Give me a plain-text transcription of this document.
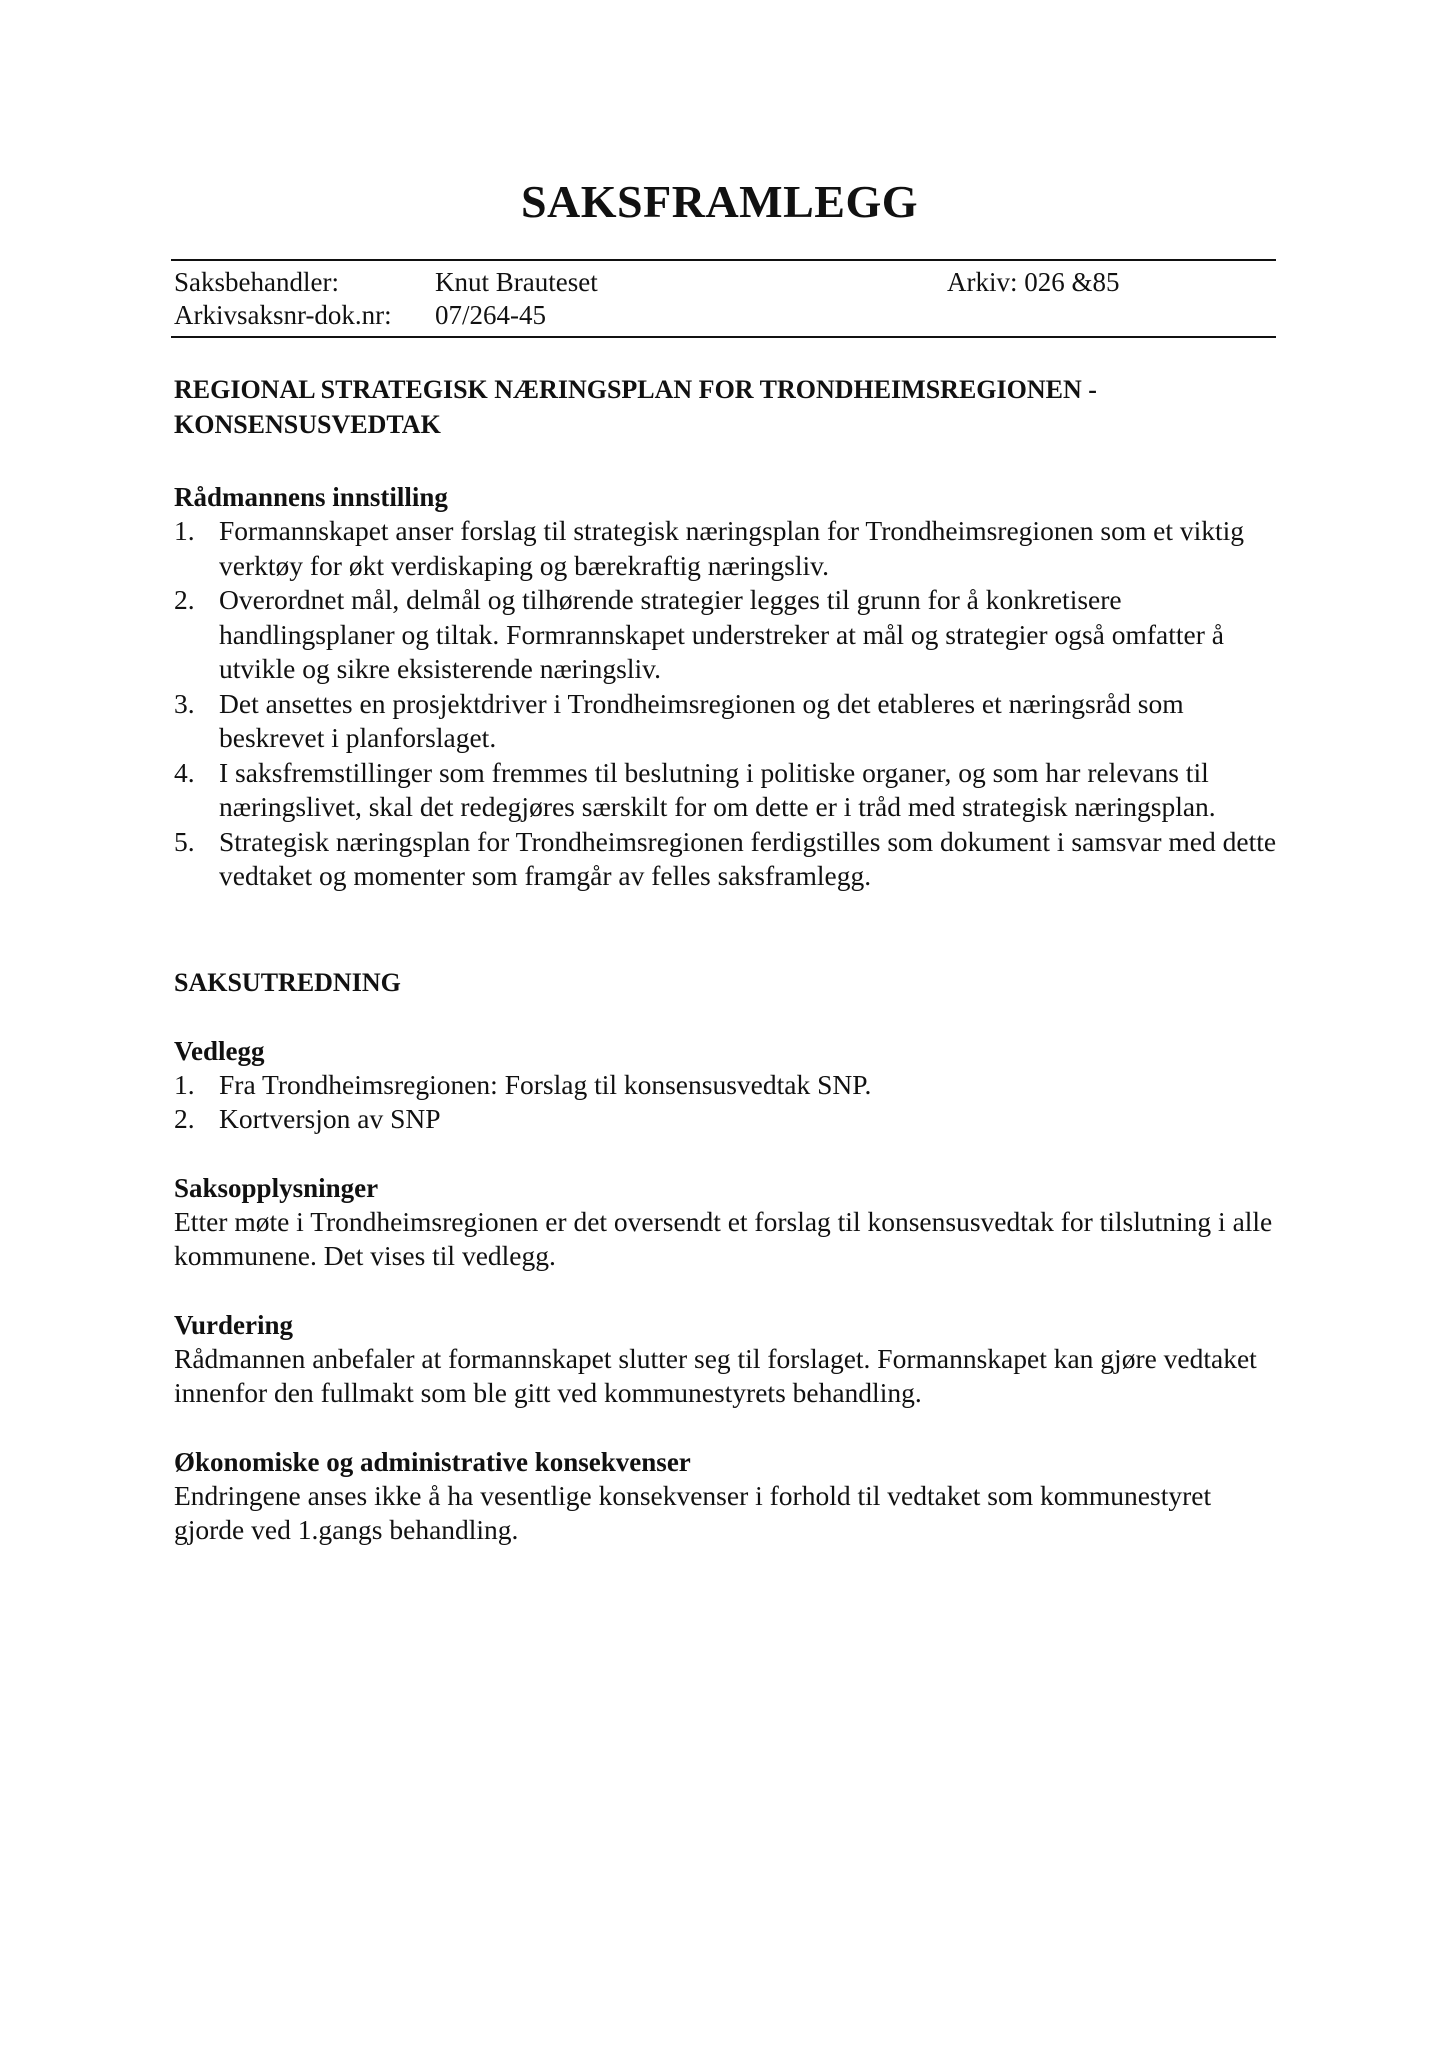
SAKSFRAMLEGG
Saksbehandler:	Knut Brauteset	Arkiv: 026 &85
Arkivsaksnr-dok.nr: 07/264-45

REGIONAL STRATEGISK NÆRINGSPLAN FOR TRONDHEIMSREGIONEN - KONSENSUSVEDTAK

Rådmannens innstilling

1. Formannskapet anser forslag til strategisk næringsplan for Trondheimsregionen som et viktig verktøy for økt verdiskaping og bærekraftig næringsliv.
2. Overordnet mål, delmål og tilhørende strategier legges til grunn for å konkretisere handlingsplaner og tiltak. Formrannskapet understreker at mål og strategier også omfatter å utvikle og sikre eksisterende næringsliv.
3. Det ansettes en prosjektdriver i Trondheimsregionen og det etableres et næringsråd som beskrevet i planforslaget.
4. I saksfremstillinger som fremmes til beslutning i politiske organer, og som har relevans til næringslivet, skal det redegjøres særskilt for om dette er i tråd med strategisk næringsplan.
5. Strategisk næringsplan for Trondheimsregionen ferdigstilles som dokument i samsvar med dette vedtaket og momenter som framgår av felles saksframlegg.

SAKSUTREDNING

Vedlegg

1. Fra Trondheimsregionen: Forslag til konsensusvedtak SNP.
2. Kortversjon av SNP

Saksopplysninger

Etter møte i Trondheimsregionen er det oversendt et forslag til konsensusvedtak for tilslutning i alle kommunene. Det vises til vedlegg.

Vurdering

Rådmannen anbefaler at formannskapet slutter seg til forslaget. Formannskapet kan gjøre vedtaket innenfor den fullmakt som ble gitt ved kommunestyrets behandling.

Økonomiske og administrative konsekvenser

Endringene anses ikke å ha vesentlige konsekvenser i forhold til vedtaket som kommunestyret gjorde ved 1.gangs behandling.
